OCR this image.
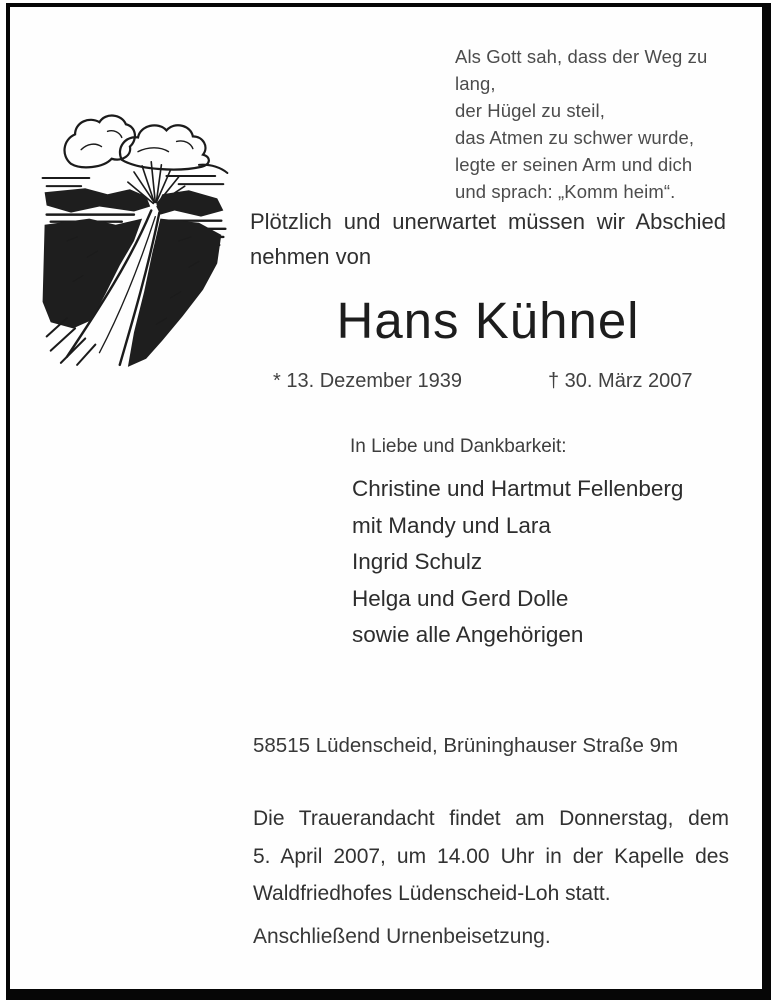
Als Gott sah, dass der Weg zu lang,
der Hügel zu steil,
das Atmen zu schwer wurde,
legte er seinen Arm und dich
und sprach: „Komm heim“.
Plötzlich und unerwartet müssen wir Abschied
nehmen von
Hans Kühnel
* 13. Dezember 1939	† 30. März 2007
In Liebe und Dankbarkeit:
Christine und Hartmut Fellenberg
mit Mandy und Lara
Ingrid Schulz
Helga und Gerd Dolle
sowie alle Angehörigen
58515 Lüdenscheid, Brüninghauser Straße 9m
Die Trauerandacht findet am Donnerstag, dem
5. April 2007, um 14.00 Uhr in der Kapelle des
Waldfriedhofes Lüdenscheid-Loh statt.
Anschließend Urnenbeisetzung.
